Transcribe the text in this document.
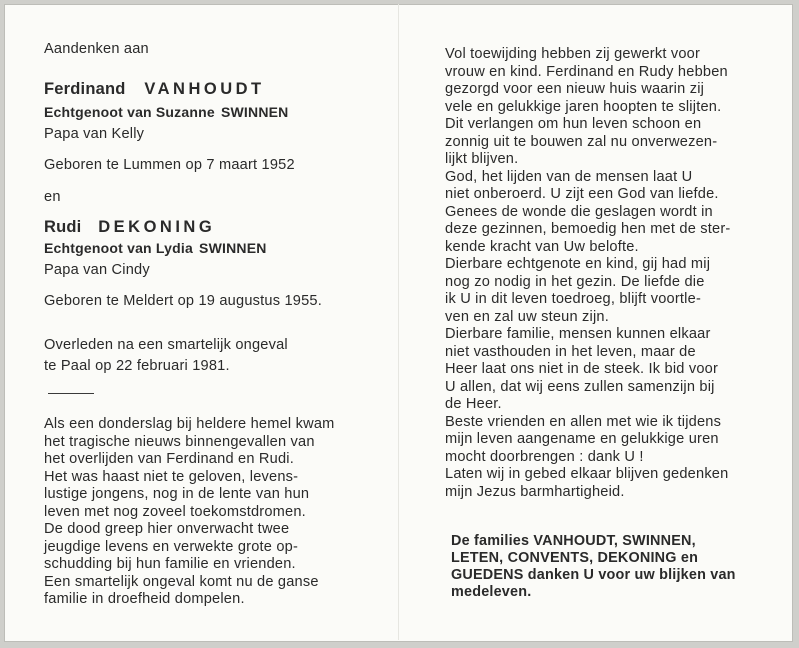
Aandenken aan
Ferdinand VANHOUDT
Echtgenoot van Suzanne SWINNEN
Papa van Kelly
Geboren te Lummen op 7 maart 1952
en
Rudi DEKONING
Echtgenoot van Lydia SWINNEN
Papa van Cindy
Geboren te Meldert op 19 augustus 1955.
Overleden na een smartelijk ongeval
te Paal op 22 februari 1981.
Als een donderslag bij heldere hemel kwam
het tragische nieuws binnengevallen van
het overlijden van Ferdinand en Rudi.
Het was haast niet te geloven, levens-
lustige jongens, nog in de lente van hun
leven met nog zoveel toekomstdromen.
De dood greep hier onverwacht twee
jeugdige levens en verwekte grote op-
schudding bij hun familie en vrienden.
Een smartelijk ongeval komt nu de ganse
familie in droefheid dompelen.
Vol toewijding hebben zij gewerkt voor
vrouw en kind. Ferdinand en Rudy hebben
gezorgd voor een nieuw huis waarin zij
vele en gelukkige jaren hoopten te slijten.
Dit verlangen om hun leven schoon en
zonnig uit te bouwen zal nu onverwezen-
lijkt blijven.
God, het lijden van de mensen laat U
niet onberoerd. U zijt een God van liefde.
Genees de wonde die geslagen wordt in
deze gezinnen, bemoedig hen met de ster-
kende kracht van Uw belofte.
Dierbare echtgenote en kind, gij had mij
nog zo nodig in het gezin. De liefde die
ik U in dit leven toedroeg, blijft voortle-
ven en zal uw steun zijn.
Dierbare familie, mensen kunnen elkaar
niet vasthouden in het leven, maar de
Heer laat ons niet in de steek. Ik bid voor
U allen, dat wij eens zullen samenzijn bij
de Heer.
Beste vrienden en allen met wie ik tijdens
mijn leven aangename en gelukkige uren
mocht doorbrengen : dank U !
Laten wij in gebed elkaar blijven gedenken
mijn Jezus barmhartigheid.
De families VANHOUDT, SWINNEN,
LETEN, CONVENTS, DEKONING en
GUEDENS danken U voor uw blijken van
medeleven.
